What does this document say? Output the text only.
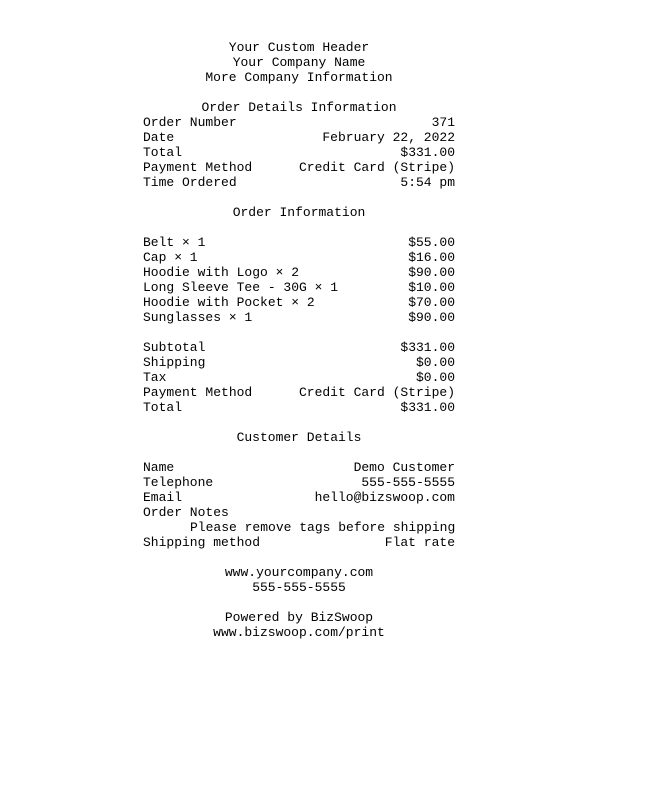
Your Custom Header
Your Company Name
More Company Information
Order Details Information
Order Number	371
Date	February 22, 2022
Total	$331.00
Payment Method	Credit Card (Stripe)
Time Ordered	5:54 pm
Order Information
Belt × 1	$55.00
Cap × 1	$16.00
Hoodie with Logo × 2	$90.00
Long Sleeve Tee - 30G × 1	$10.00
Hoodie with Pocket × 2	$70.00
Sunglasses × 1	$90.00
Subtotal	$331.00
Shipping	$0.00
Tax	$0.00
Payment Method	Credit Card (Stripe)
Total	$331.00
Customer Details
Name	Demo Customer
Telephone	555-555-5555
Email	hello@bizswoop.com
Order Notes
Please remove tags before shipping
Shipping method	Flat rate
www.yourcompany.com
555-555-5555
Powered by BizSwoop
www.bizswoop.com/print
